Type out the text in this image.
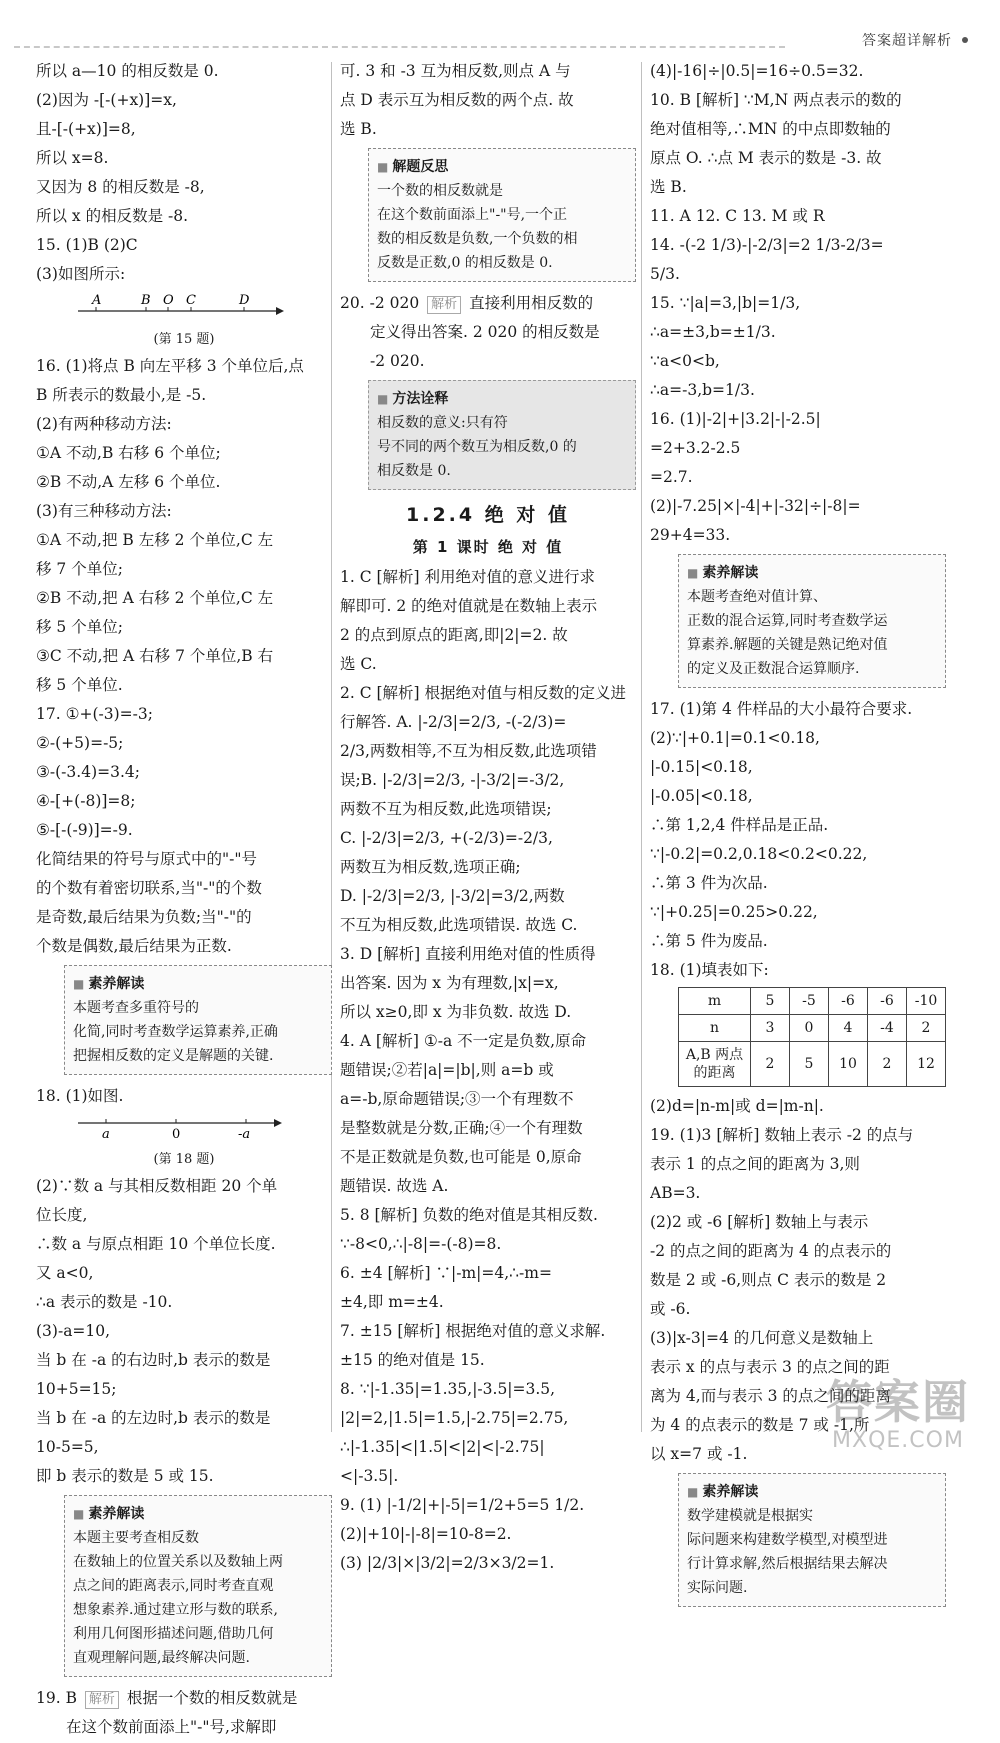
答案超详解析
所以 a—10 的相反数是 0.
(2)因为 -[-(+x)]=x,
且-[-(+x)]=8,
所以 x=8.
又因为 8 的相反数是 -8,
所以 x 的相反数是 -8.
15. (1)B (2)C
(3)如图所示:
A	B O C	D
(第 15 题)
16. (1)将点 B 向左平移 3 个单位后,点
B 所表示的数最小,是 -5.
(2)有两种移动方法:
①A 不动,B 右移 6 个单位;
②B 不动,A 左移 6 个单位.
(3)有三种移动方法:
①A 不动,把 B 左移 2 个单位,C 左
移 7 个单位;
②B 不动,把 A 右移 2 个单位,C 左
移 5 个单位;
③C 不动,把 A 右移 7 个单位,B 右
移 5 个单位.
17. ①+(-3)=-3;
②-(+5)=-5;
③-(-3.4)=3.4;
④-[+(-8)]=8;
⑤-[-(-9)]=-9.
化简结果的符号与原式中的"-"号
的个数有着密切联系,当"-"的个数
是奇数,最后结果为负数;当"-"的
个数是偶数,最后结果为正数.
■ 素养解读
本题考查多重符号的
化简,同时考查数学运算素养,正确
把握相反数的定义是解题的关键.
18. (1)如图.
a	0	-a
(第 18 题)
(2)∵数 a 与其相反数相距 20 个单
位长度,
∴数 a 与原点相距 10 个单位长度.
又 a<0,
∴a 表示的数是 -10.
(3)-a=10,
当 b 在 -a 的右边时,b 表示的数是
10+5=15;
当 b 在 -a 的左边时,b 表示的数是
10-5=5,
即 b 表示的数是 5 或 15.
■ 素养解读
本题主要考查相反数
在数轴上的位置关系以及数轴上两
点之间的距离表示,同时考查直观
想象素养.通过建立形与数的联系,
利用几何图形描述问题,借助几何
直观理解问题,最终解决问题.
19. B 解析 根据一个数的相反数就是
在这个数前面添上"-"号,求解即
可. 3 和 -3 互为相反数,则点 A 与
点 D 表示互为相反数的两个点. 故
选 B.
■ 解题反思
一个数的相反数就是
在这个数前面添上"-"号,一个正
数的相反数是负数,一个负数的相
反数是正数,0 的相反数是 0.
20. -2 020 解析 直接利用相反数的
定义得出答案. 2 020 的相反数是
-2 020.
■ 方法诠释
相反数的意义:只有符
号不同的两个数互为相反数,0 的
相反数是 0.
1.2.4 绝 对 值
第 1 课时 绝 对 值
1. C [解析] 利用绝对值的意义进行求
解即可. 2 的绝对值就是在数轴上表示
2 的点到原点的距离,即|2|=2. 故
选 C.
2. C [解析] 根据绝对值与相反数的定义进
行解答. A. |-2/3|=2/3, -(-2/3)=
2/3,两数相等,不互为相反数,此选项错
误;B. |-2/3|=2/3, -|-3/2|=-3/2,
两数不互为相反数,此选项错误;
C. |-2/3|=2/3, +(-2/3)=-2/3,
两数互为相反数,选项正确;
D. |-2/3|=2/3, |-3/2|=3/2,两数
不互为相反数,此选项错误. 故选 C.
3. D [解析] 直接利用绝对值的性质得
出答案. 因为 x 为有理数,|x|=x,
所以 x≥0,即 x 为非负数. 故选 D.
4. A [解析] ①-a 不一定是负数,原命
题错误;②若|a|=|b|,则 a=b 或
a=-b,原命题错误;③一个有理数不
是整数就是分数,正确;④一个有理数
不是正数就是负数,也可能是 0,原命
题错误. 故选 A.
5. 8 [解析] 负数的绝对值是其相反数.
∵-8<0,∴|-8|=-(-8)=8.
6. ±4 [解析] ∵|-m|=4,∴-m=
±4,即 m=±4.
7. ±15 [解析] 根据绝对值的意义求解.
±15 的绝对值是 15.
8. ∵|-1.35|=1.35,|-3.5|=3.5,
|2|=2,|1.5|=1.5,|-2.75|=2.75,
∴|-1.35|<|1.5|<|2|<|-2.75|
<|-3.5|.
9. (1) |-1/2|+|-5|=1/2+5=5 1/2.
(2)|+10|-|-8|=10-8=2.
(3) |2/3|×|3/2|=2/3×3/2=1.
(4)|-16|÷|0.5|=16÷0.5=32.
10. B [解析] ∵M,N 两点表示的数的
绝对值相等,∴MN 的中点即数轴的
原点 O. ∴点 M 表示的数是 -3. 故
选 B.
11. A 12. C 13. M 或 R
14. -(-2 1/3)-|-2/3|=2 1/3-2/3=
5/3.
15. ∵|a|=3,|b|=1/3,
∴a=±3,b=±1/3.
∵a<0<b,
∴a=-3,b=1/3.
16. (1)|-2|+|3.2|-|-2.5|
=2+3.2-2.5
=2.7.
(2)|-7.25|×|-4|+|-32|÷|-8|=
29+4=33.
■ 素养解读
本题考查绝对值计算、
正数的混合运算,同时考查数学运
算素养.解题的关键是熟记绝对值
的定义及正数混合运算顺序.
17. (1)第 4 件样品的大小最符合要求.
(2)∵|+0.1|=0.1<0.18,
|-0.15|<0.18,
|-0.05|<0.18,
∴第 1,2,4 件样品是正品.
∵|-0.2|=0.2,0.18<0.2<0.22,
∴第 3 件为次品.
∵|+0.25|=0.25>0.22,
∴第 5 件为废品.
18. (1)填表如下:
m	5	-5	-6	-6	-10
n	3	0	4	-4	2
A,B 两点的距离	2	5	10	2	12
(2)d=|n-m|或 d=|m-n|.
19. (1)3 [解析] 数轴上表示 -2 的点与
表示 1 的点之间的距离为 3,则
AB=3.
(2)2 或 -6 [解析] 数轴上与表示
-2 的点之间的距离为 4 的点表示的
数是 2 或 -6,则点 C 表示的数是 2
或 -6.
(3)|x-3|=4 的几何意义是数轴上
表示 x 的点与表示 3 的点之间的距
离为 4,而与表示 3 的点之间的距离
为 4 的点表示的数是 7 或 -1,所
以 x=7 或 -1.
■ 素养解读
数学建模就是根据实
际问题来构建数学模型,对模型进
行计算求解,然后根据结果去解决
实际问题.
答案圈
MXQE.COM
